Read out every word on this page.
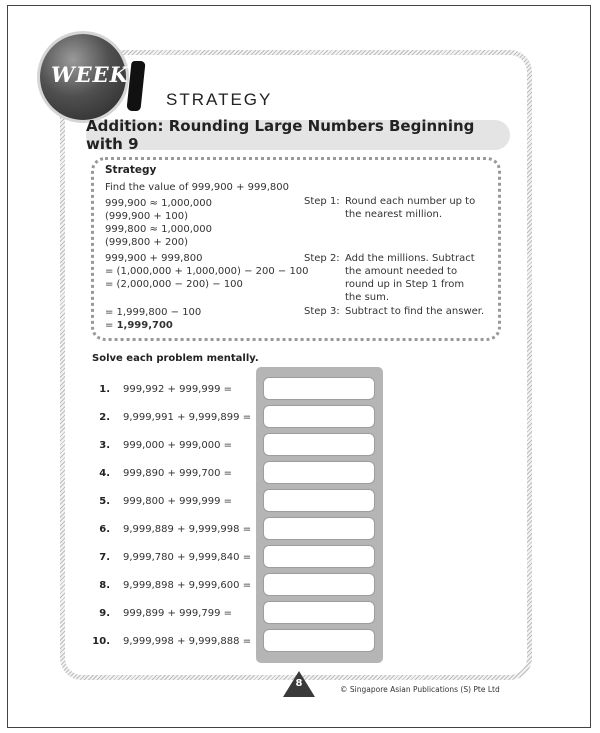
WEEK
STRATEGY
Addition: Rounding Large Numbers Beginning with 9
Strategy
Find the value of 999,900 + 999,800
999,900 ≈ 1,000,000
(999,900 + 100)
999,800 ≈ 1,000,000
(999,800 + 200)
999,900 + 999,800
= (1,000,000 + 1,000,000) − 200 − 100
= (2,000,000 − 200) − 100
= 1,999,800 − 100
= 1,999,700
Step 1: Round each number up to
the nearest million.
Step 2: Add the millions. Subtract
the amount needed to
round up in Step 1 from
the sum.
Step 3: Subtract to find the answer.
Solve each problem mentally.
1. 999,992 + 999,999 =
2. 9,999,991 + 9,999,899 =
3. 999,000 + 999,000 =
4. 999,890 + 999,700 =
5. 999,800 + 999,999 =
6. 9,999,889 + 9,999,998 =
7. 9,999,780 + 9,999,840 =
8. 9,999,898 + 9,999,600 =
9. 999,899 + 999,799 =
10. 9,999,998 + 9,999,888 =
8
© Singapore Asian Publications (S) Pte Ltd
